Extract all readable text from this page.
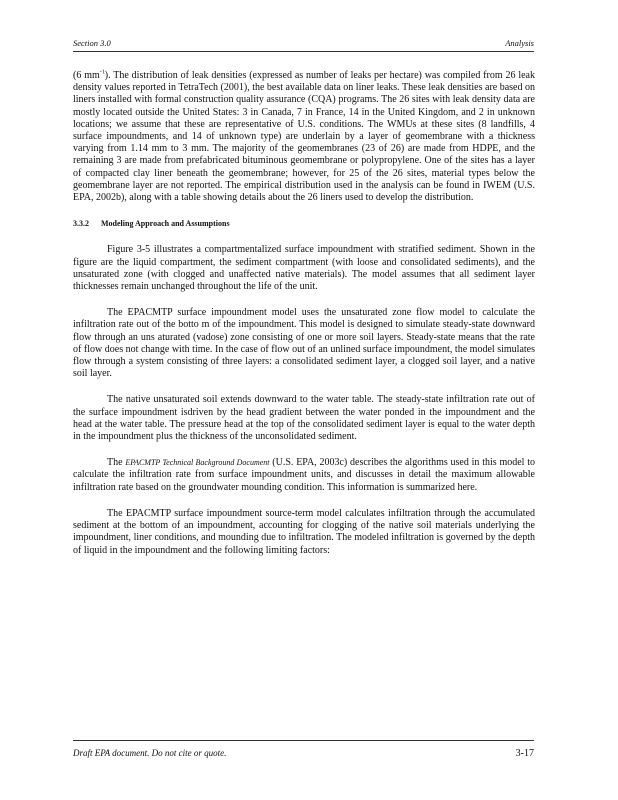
Section 3.0	Analysis

(6 $mm^{-1}$). The distribution of leak densities (expressed as number of leaks per hectare) was compiled from 26 leak density values reported in TetraTech (2001), the best available data on liner leaks. These leak densities are based on liners installed with formal construction quality assurance (CQA) programs. The 26 sites with leak density data are mostly located outside the United States: 3 in Canada, 7 in France, 14 in the United Kingdom, and 2 in unknown locations; we assume that these are representative of U.S. conditions. The WMUs at these sites (8 landfills, 4 surface impoundments, and 14 of unknown type) are underlain by a layer of geomembrane with a thickness varying from 1.14 mm to 3 mm. The majority of the geomembranes (23 of 26) are made from HDPE, and the remaining 3 are made from prefabricated bituminous geomembrane or polypropylene. One of the sites has a layer of compacted clay liner beneath the geomembrane; however, for 25 of the 26 sites, material types below the geomembrane layer are not reported. The empirical distribution used in the analysis can be found in IWEM (U.S. EPA, 2002b), along with a table showing details about the 26 liners used to develop the distribution.

3.3.2 Modeling Approach and Assumptions

Figure 3-5 illustrates a compartmentalized surface impoundment with stratified sediment. Shown in the figure are the liquid compartment, the sediment compartment (with loose and consolidated sediments), and the unsaturated zone (with clogged and unaffected native materials). The model assumes that all sediment layer thicknesses remain unchanged throughout the life of the unit.

The EPACMTP surface impoundment model uses the unsaturated zone flow model to calculate the infiltration rate out of the botto m of the impoundment. This model is designed to simulate steady-state downward flow through an uns aturated (vadose) zone consisting of one or more soil layers. Steady-state means that the rate of flow does not change with time. In the case of flow out of an unlined surface impoundment, the model simulates flow through a system consisting of three layers: a consolidated sediment layer, a clogged soil layer, and a native soil layer.

The native unsaturated soil extends downward to the water table. The steady-state infiltration rate out of the surface impoundment isdriven by the head gradient between the water ponded in the impoundment and the head at the water table. The pressure head at the top of the consolidated sediment layer is equal to the water depth in the impoundment plus the thickness of the unconsolidated sediment.

The EPACMTP Technical Background Document (U.S. EPA, 2003c) describes the algorithms used in this model to calculate the infiltration rate from surface impoundment units, and discusses in detail the maximum allowable infiltration rate based on the groundwater mounding condition. This information is summarized here.

The EPACMTP surface impoundment source-term model calculates infiltration through the accumulated sediment at the bottom of an impoundment, accounting for clogging of the native soil materials underlying the impoundment, liner conditions, and mounding due to infiltration. The modeled infiltration is governed by the depth of liquid in the impoundment and the following limiting factors:

Draft EPA document. Do not cite or quote.	3-17
